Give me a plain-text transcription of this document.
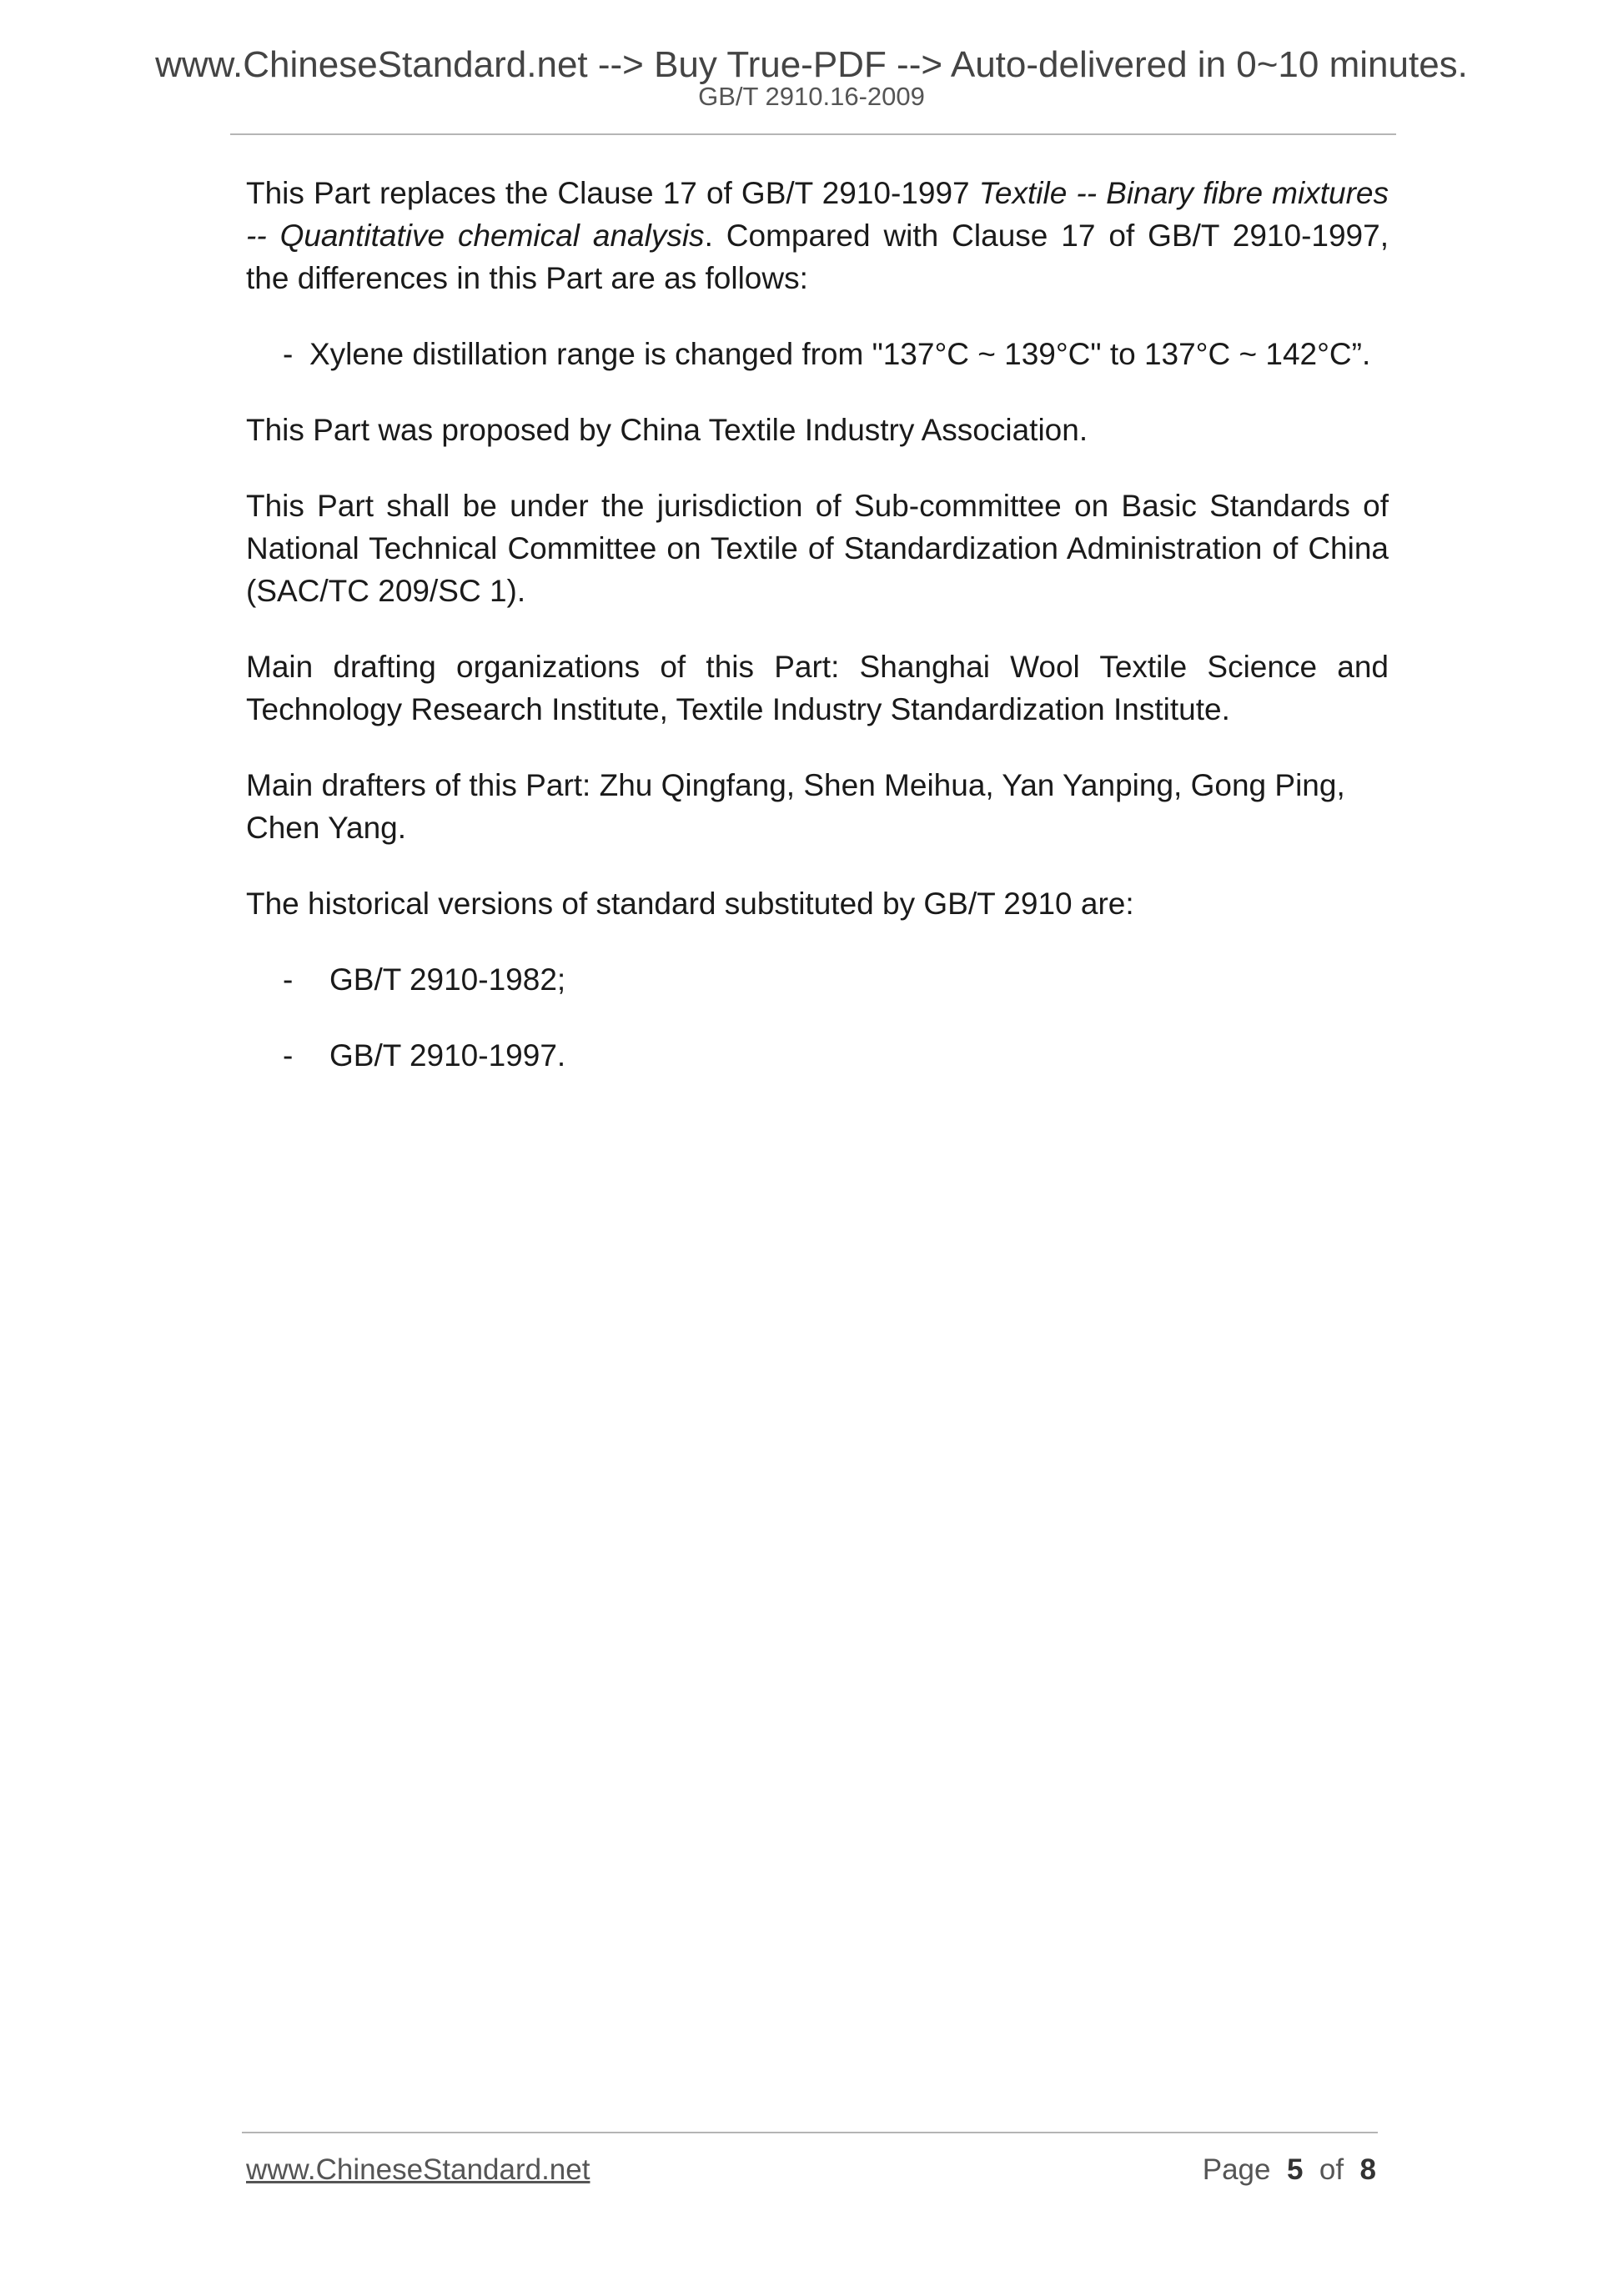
www.ChineseStandard.net --> Buy True-PDF --> Auto-delivered in 0~10 minutes.
GB/T 2910.16-2009

This Part replaces the Clause 17 of GB/T 2910-1997 Textile -- Binary fibre mixtures -- Quantitative chemical analysis. Compared with Clause 17 of GB/T 2910-1997, the differences in this Part are as follows:

- Xylene distillation range is changed from "137°C ~ 139°C" to 137°C ~ 142°C”.

This Part was proposed by China Textile Industry Association.

This Part shall be under the jurisdiction of Sub-committee on Basic Standards of National Technical Committee on Textile of Standardization Administration of China (SAC/TC 209/SC 1).

Main drafting organizations of this Part: Shanghai Wool Textile Science and Technology Research Institute, Textile Industry Standardization Institute.

Main drafters of this Part: Zhu Qingfang, Shen Meihua, Yan Yanping, Gong Ping, Chen Yang.

The historical versions of standard substituted by GB/T 2910 are:

-	GB/T 2910-1982;
-	GB/T 2910-1997.
www.ChineseStandard.net	Page 5 of 8
